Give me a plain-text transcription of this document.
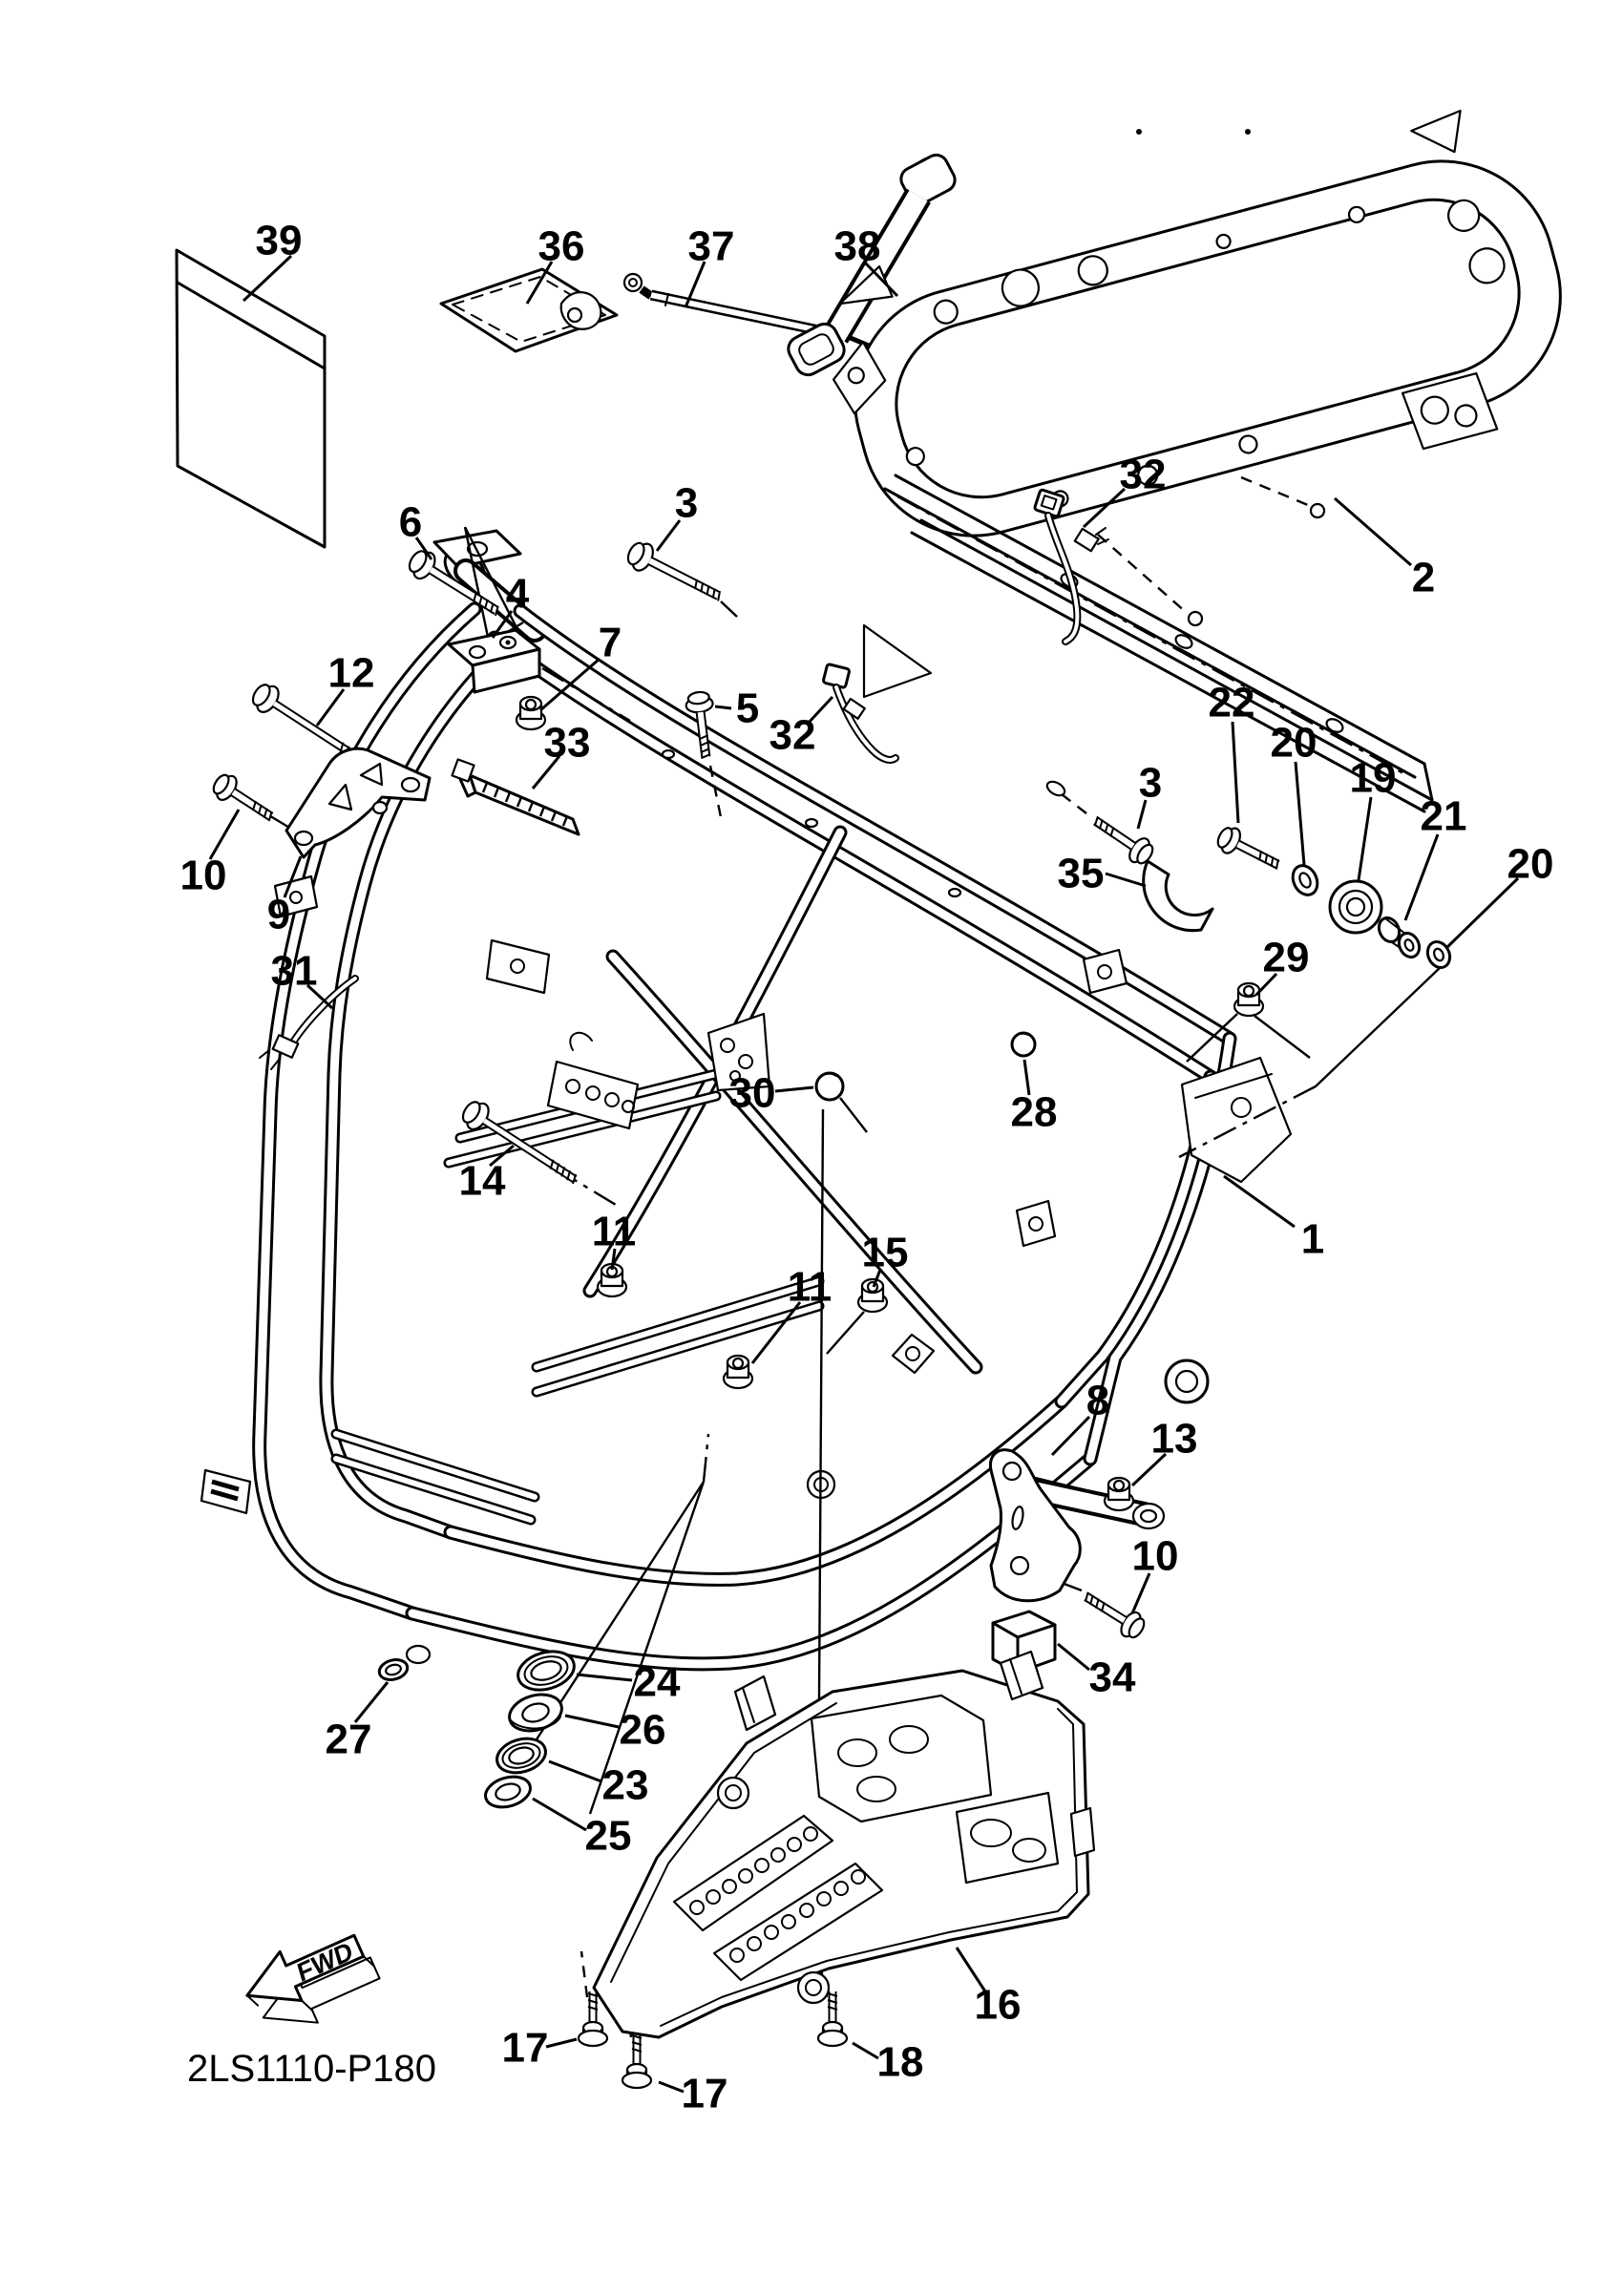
FWD
2LS1110-P180
39	36 37 38
2
32
3
6
4
7
12
33
5
32
3
22
20
19
21
20
29
35
10
9
31
28
30
14
1
11	15
11
8
13
10
34
24
26
23
25
27
16
17	18
17
